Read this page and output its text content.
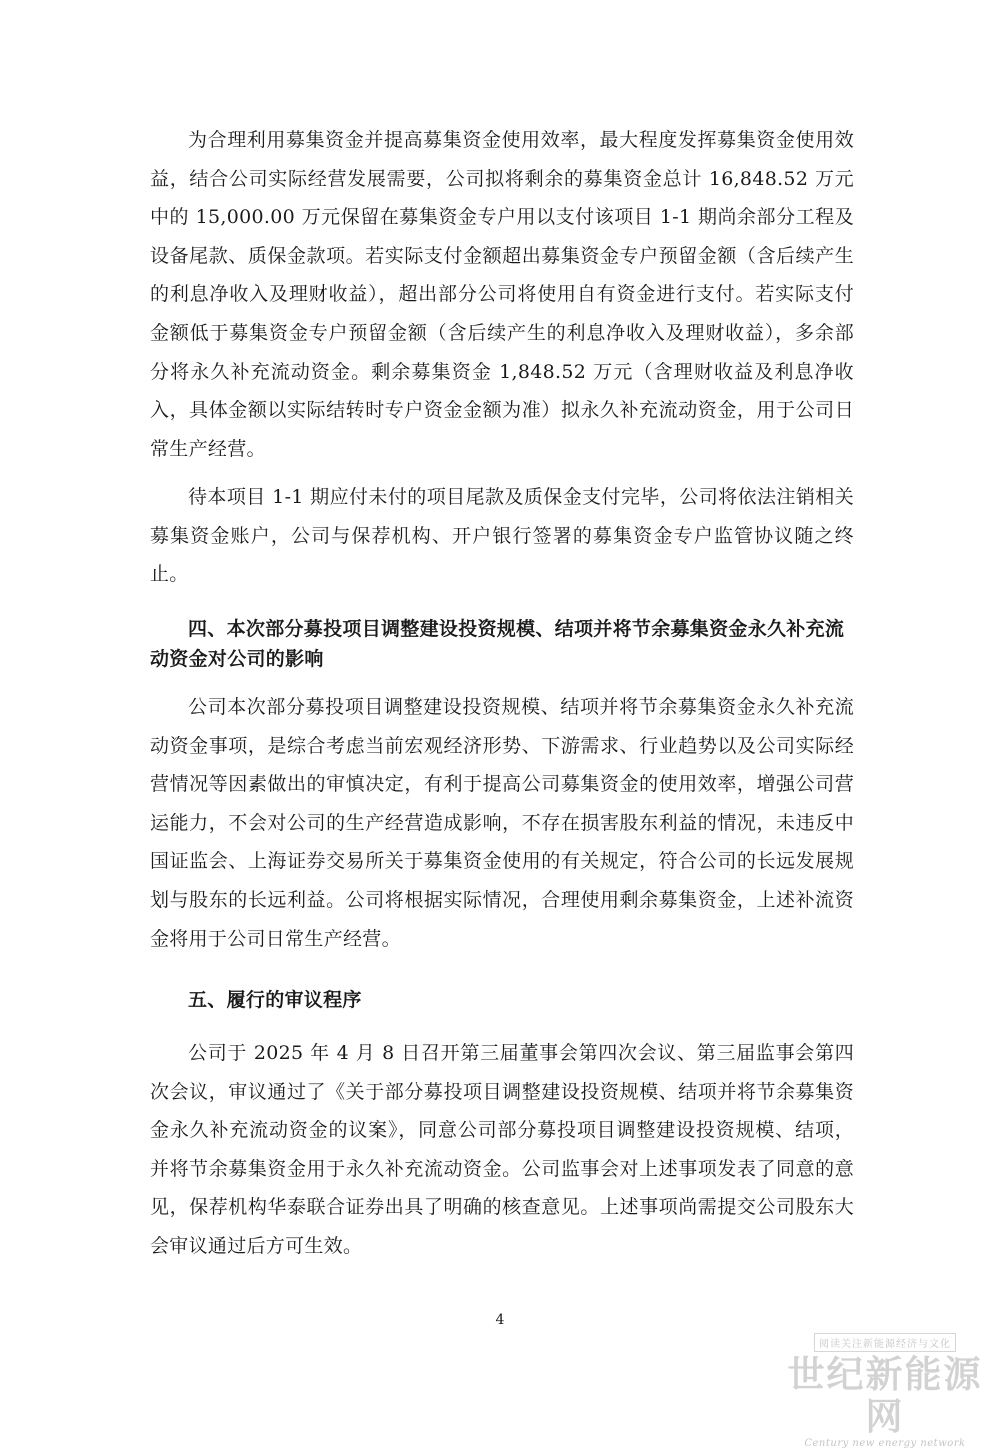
为合理利用募集资金并提高募集资金使用效率，最大程度发挥募集资金使用效益，结合公司实际经营发展需要，公司拟将剩余的募集资金总计 16,848.52 万元中的 15,000.00 万元保留在募集资金专户用以支付该项目 1-1 期尚余部分工程及设备尾款、质保金款项。若实际支付金额超出募集资金专户预留金额（含后续产生的利息净收入及理财收益），超出部分公司将使用自有资金进行支付。若实际支付金额低于募集资金专户预留金额（含后续产生的利息净收入及理财收益），多余部分将永久补充流动资金。剩余募集资金 1,848.52 万元（含理财收益及利息净收入，具体金额以实际结转时专户资金金额为准）拟永久补充流动资金，用于公司日常生产经营。

待本项目 1-1 期应付未付的项目尾款及质保金支付完毕，公司将依法注销相关募集资金账户，公司与保荐机构、开户银行签署的募集资金专户监管协议随之终止。

四、本次部分募投项目调整建设投资规模、结项并将节余募集资金永久补充流动资金对公司的影响

公司本次部分募投项目调整建设投资规模、结项并将节余募集资金永久补充流动资金事项，是综合考虑当前宏观经济形势、下游需求、行业趋势以及公司实际经营情况等因素做出的审慎决定，有利于提高公司募集资金的使用效率，增强公司营运能力，不会对公司的生产经营造成影响，不存在损害股东利益的情况，未违反中国证监会、上海证券交易所关于募集资金使用的有关规定，符合公司的长远发展规划与股东的长远利益。公司将根据实际情况，合理使用剩余募集资金，上述补流资金将用于公司日常生产经营。

五、履行的审议程序

公司于 2025 年 4 月 8 日召开第三届董事会第四次会议、第三届监事会第四次会议，审议通过了《关于部分募投项目调整建设投资规模、结项并将节余募集资金永久补充流动资金的议案》，同意公司部分募投项目调整建设投资规模、结项，并将节余募集资金用于永久补充流动资金。公司监事会对上述事项发表了同意的意见，保荐机构华泰联合证券出具了明确的核查意见。上述事项尚需提交公司股东大会审议通过后方可生效。

4

阅读关注新能源经济与文化
世纪新能源网
Century new energy network
